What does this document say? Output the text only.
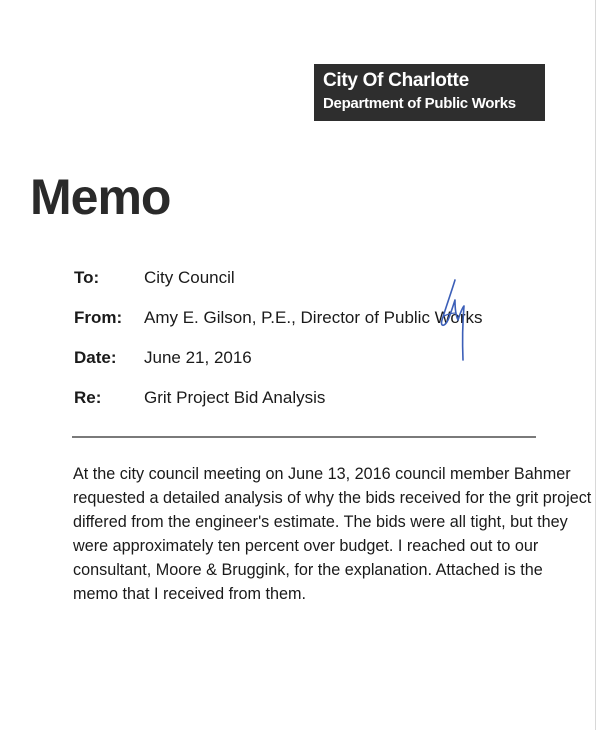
City Of Charlotte
Department of Public Works
Memo
To:	City Council
From: Amy E. Gilson, P.E., Director of Public Works
Date: June 21, 2016
Re:	Grit Project Bid Analysis
At the city council meeting on June 13, 2016 council member Bahmer
requested a detailed analysis of why the bids received for the grit project
differed from the engineer's estimate. The bids were all tight, but they
were approximately ten percent over budget. I reached out to our
consultant, Moore & Bruggink, for the explanation. Attached is the
memo that I received from them.
